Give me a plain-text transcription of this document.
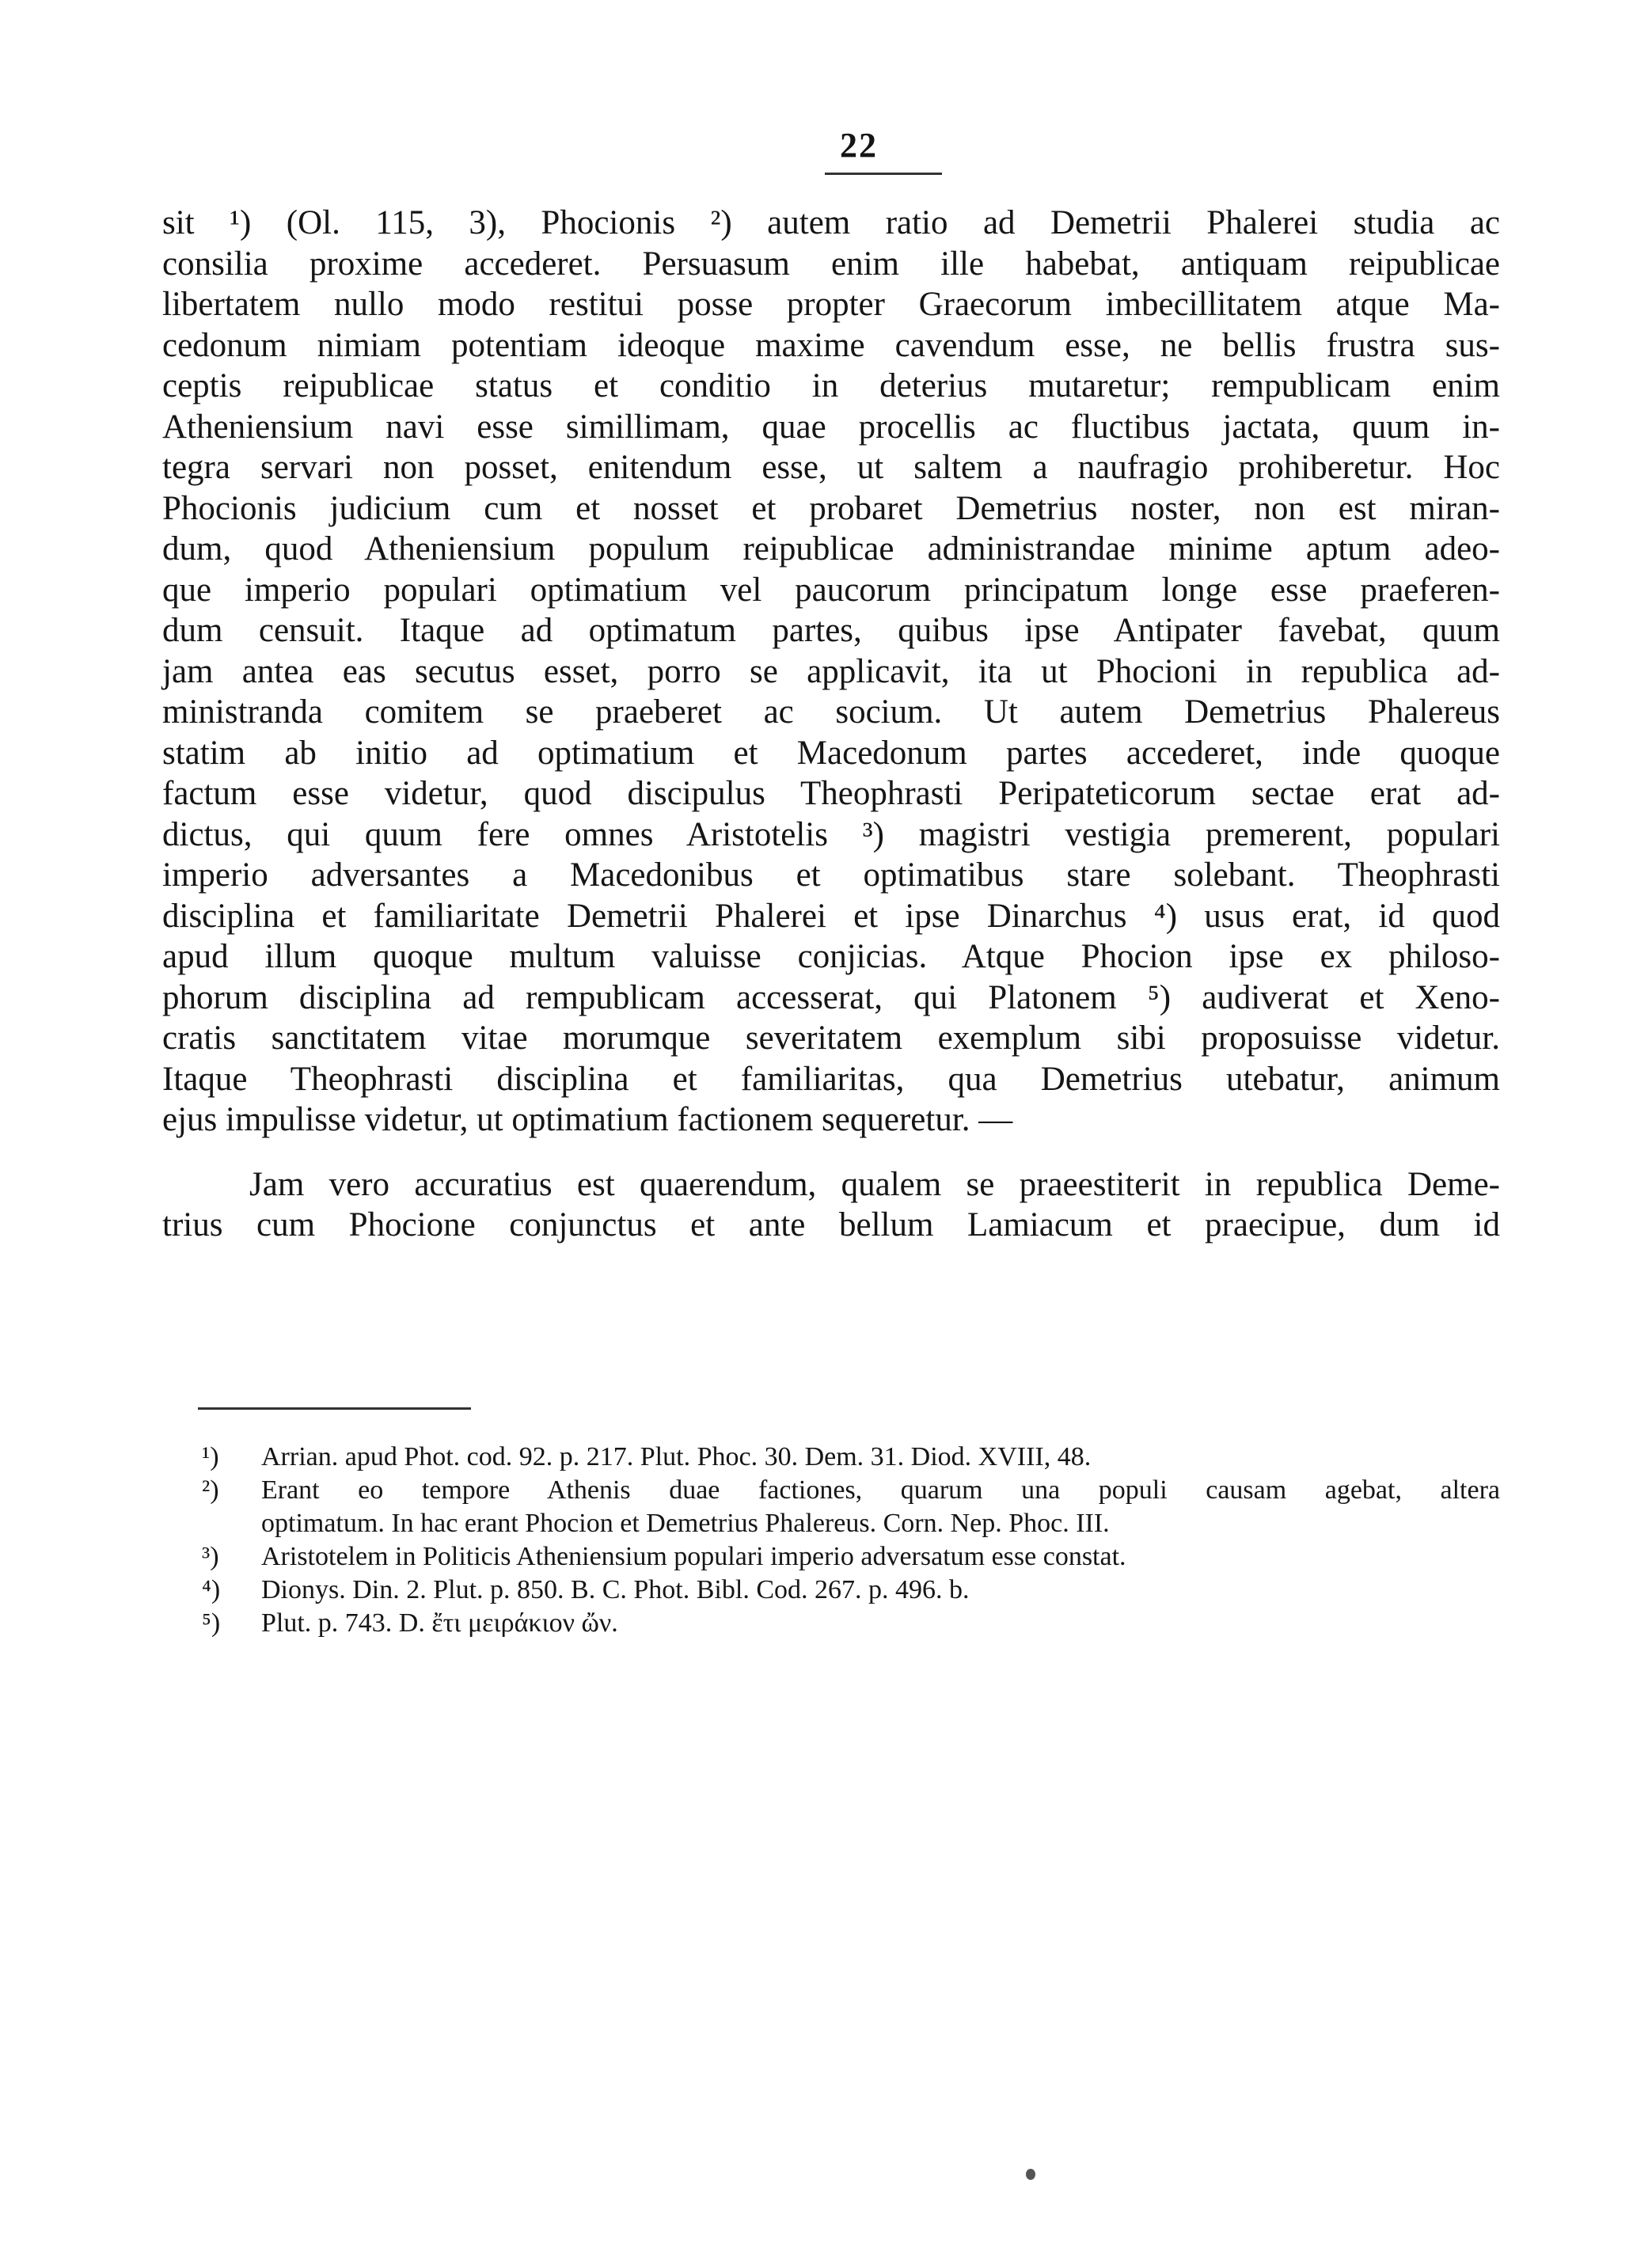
22
sit ¹) (Ol. 115, 3), Phocionis ²) autem ratio ad Demetrii Phalerei studia ac
consilia proxime accederet. Persuasum enim ille habebat, antiquam reipublicae
libertatem nullo modo restitui posse propter Graecorum imbecillitatem atque Ma-
cedonum nimiam potentiam ideoque maxime cavendum esse, ne bellis frustra sus-
ceptis reipublicae status et conditio in deterius mutaretur; rempublicam enim
Atheniensium navi esse simillimam, quae procellis ac fluctibus jactata, quum in-
tegra servari non posset, enitendum esse, ut saltem a naufragio prohiberetur. Hoc
Phocionis judicium cum et nosset et probaret Demetrius noster, non est miran-
dum, quod Atheniensium populum reipublicae administrandae minime aptum adeo-
que imperio populari optimatium vel paucorum principatum longe esse praeferen-
dum censuit. Itaque ad optimatum partes, quibus ipse Antipater favebat, quum
jam antea eas secutus esset, porro se applicavit, ita ut Phocioni in republica ad-
ministranda comitem se praeberet ac socium. Ut autem Demetrius Phalereus
statim ab initio ad optimatium et Macedonum partes accederet, inde quoque
factum esse videtur, quod discipulus Theophrasti Peripateticorum sectae erat ad-
dictus, qui quum fere omnes Aristotelis ³) magistri vestigia premerent, populari
imperio adversantes a Macedonibus et optimatibus stare solebant. Theophrasti
disciplina et familiaritate Demetrii Phalerei et ipse Dinarchus ⁴) usus erat, id quod
apud illum quoque multum valuisse conjicias. Atque Phocion ipse ex philoso-
phorum disciplina ad rempublicam accesserat, qui Platonem ⁵) audiverat et Xeno-
cratis sanctitatem vitae morumque severitatem exemplum sibi proposuisse videtur.
Itaque Theophrasti disciplina et familiaritas, qua Demetrius utebatur, animum
ejus impulisse videtur, ut optimatium factionem sequeretur. —
Jam vero accuratius est quaerendum, qualem se praeestiterit in republica Deme-
trius cum Phocione conjunctus et ante bellum Lamiacum et praecipue, dum id
¹)	Arrian. apud Phot. cod. 92. p. 217. Plut. Phoc. 30. Dem. 31. Diod. XVIII, 48.
²)	Erant eo tempore Athenis duae factiones, quarum una populi causam agebat, altera
optimatum. In hac erant Phocion et Demetrius Phalereus. Corn. Nep. Phoc. III.
³)	Aristotelem in Politicis Atheniensium populari imperio adversatum esse constat.
⁴)	Dionys. Din. 2. Plut. p. 850. B. C. Phot. Bibl. Cod. 267. p. 496. b.
⁵)	Plut. p. 743. D. ἔτι μειράκιον ὤν.
